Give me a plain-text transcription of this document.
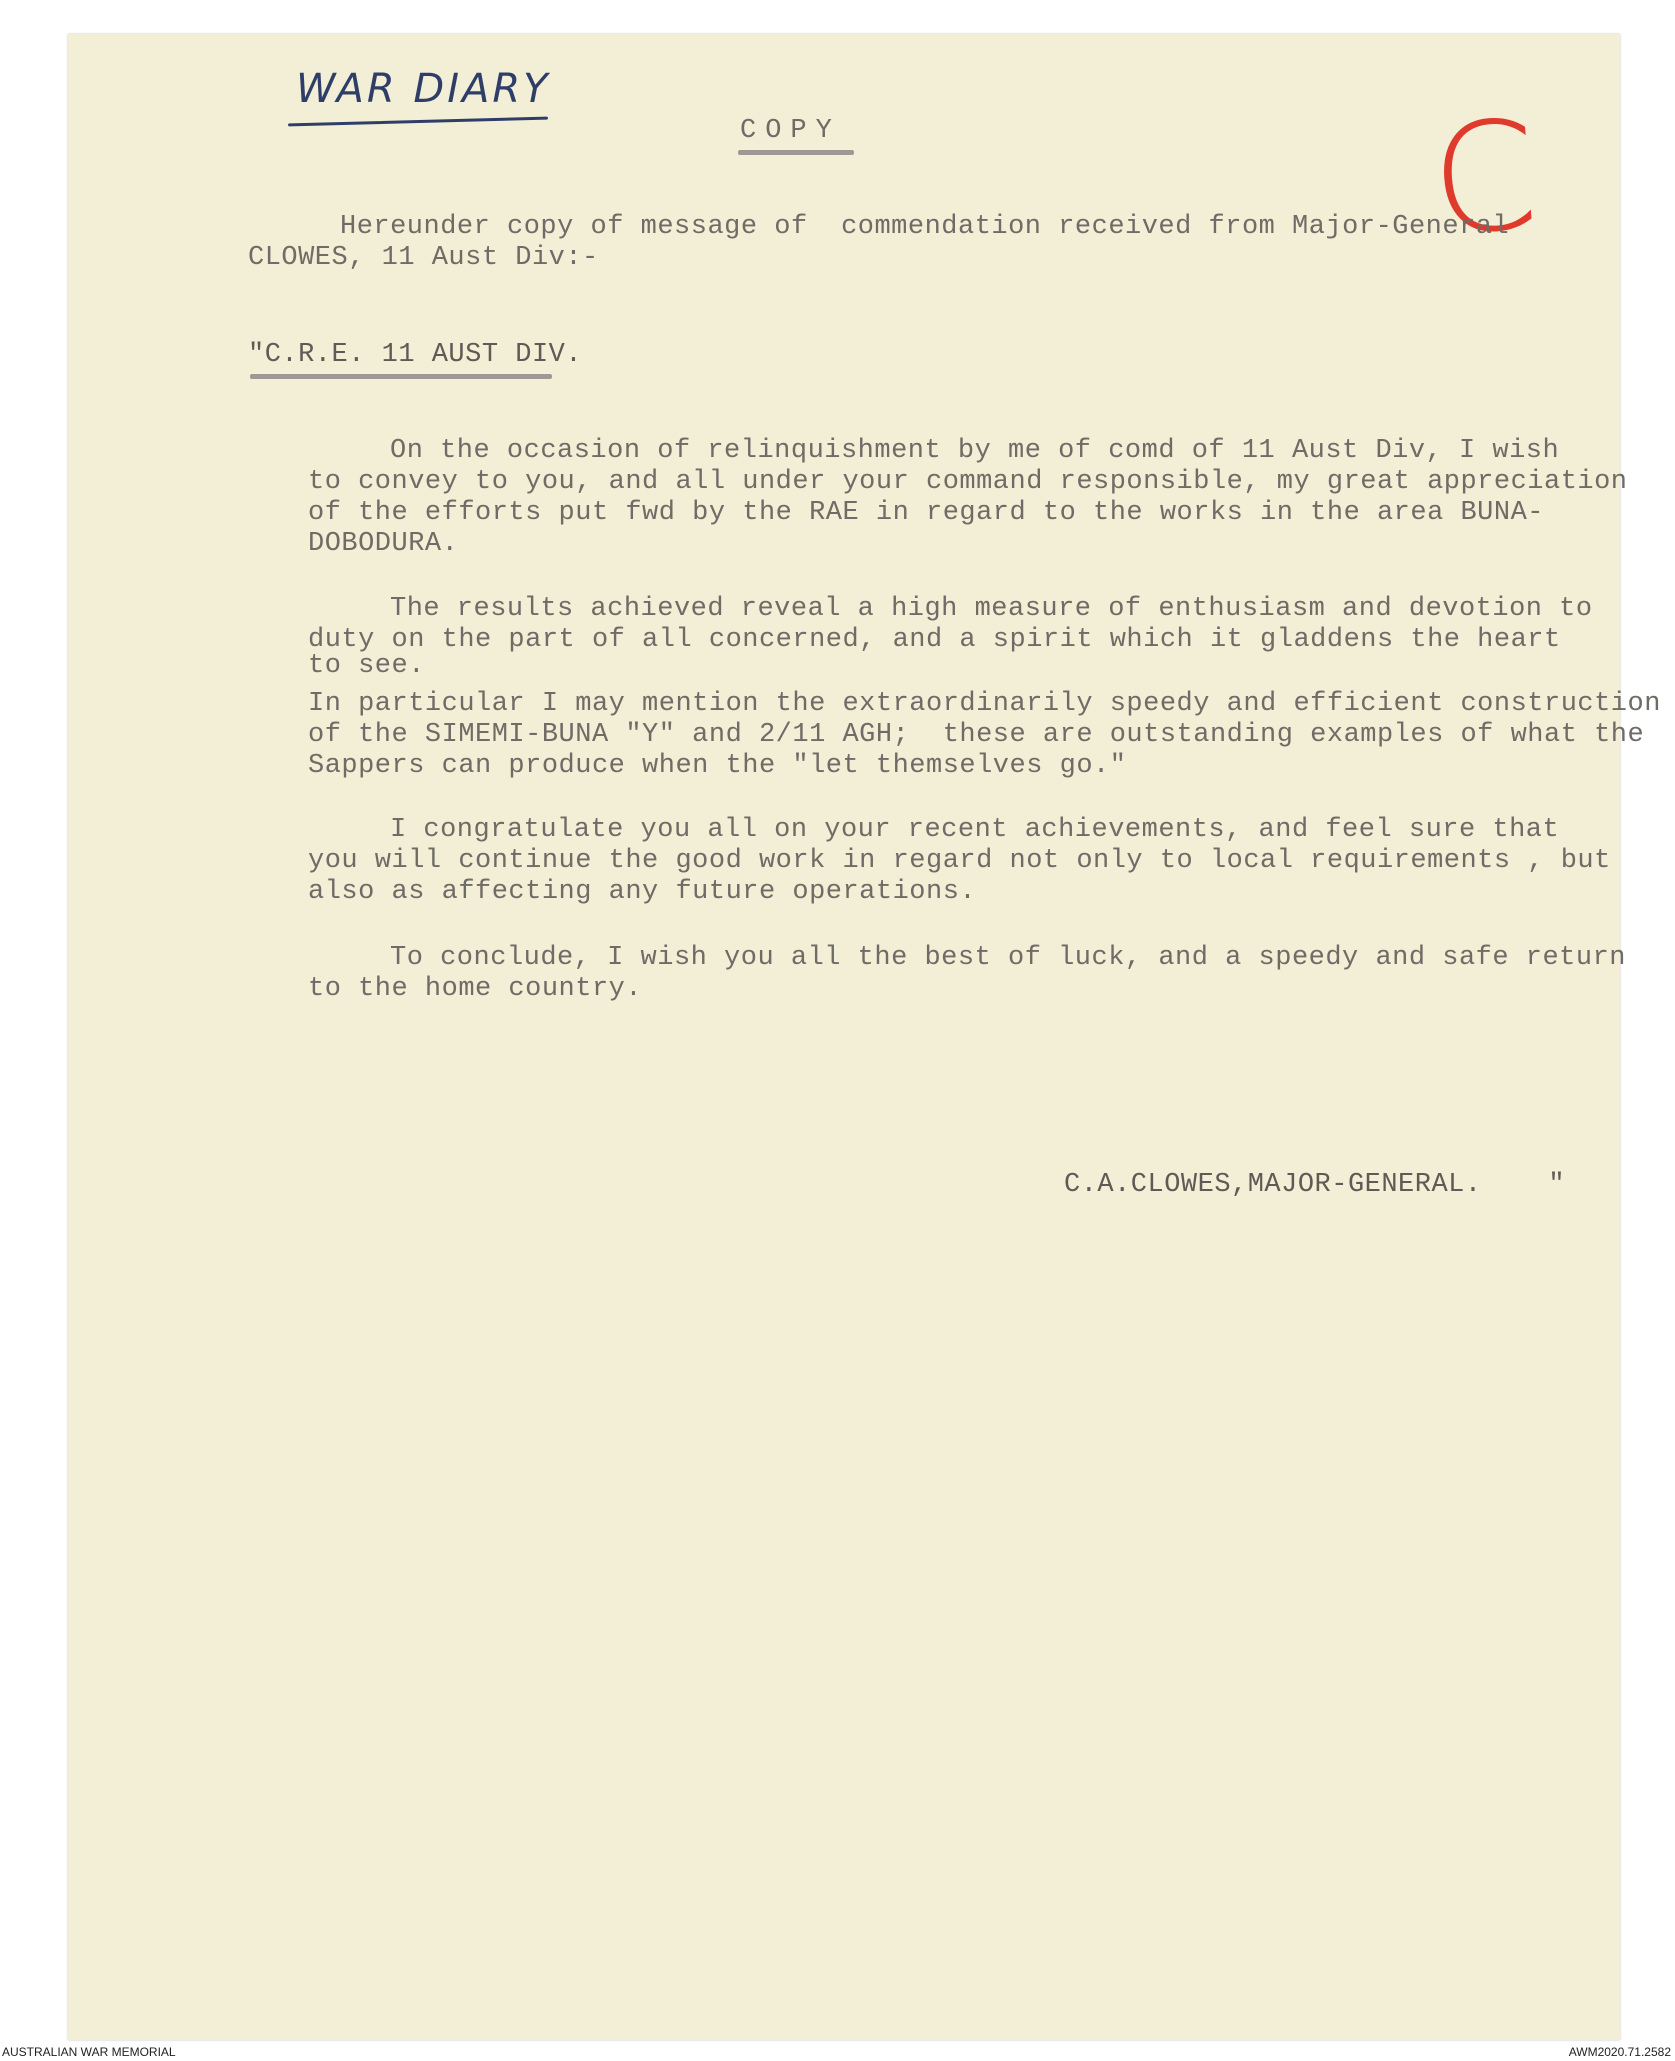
WAR DIARY	C
COPY
Hereunder copy of message of  commendation received from Major-General
CLOWES, 11 Aust Div:-
"C.R.E. 11 AUST DIV.
On the occasion of relinquishment by me of comd of 11 Aust Div, I wish
to convey to you, and all under your command responsible, my great appreciation
of the efforts put fwd by the RAE in regard to the works in the area BUNA-
DOBODURA.
The results achieved reveal a high measure of enthusiasm and devotion to
duty on the part of all concerned, and a spirit which it gladdens the heart
to see.
In particular I may mention the extraordinarily speedy and efficient construction
of the SIMEMI-BUNA "Y" and 2/11 AGH;  these are outstanding examples of what the
Sappers can produce when the "let themselves go."
I congratulate you all on your recent achievements, and feel sure that
you will continue the good work in regard not only to local requirements , but
also as affecting any future operations.
To conclude, I wish you all the best of luck, and a speedy and safe return
to the home country.
C.A.CLOWES,MAJOR-GENERAL.    "
AUSTRALIAN WAR MEMORIAL	AWM2020.71.2582
